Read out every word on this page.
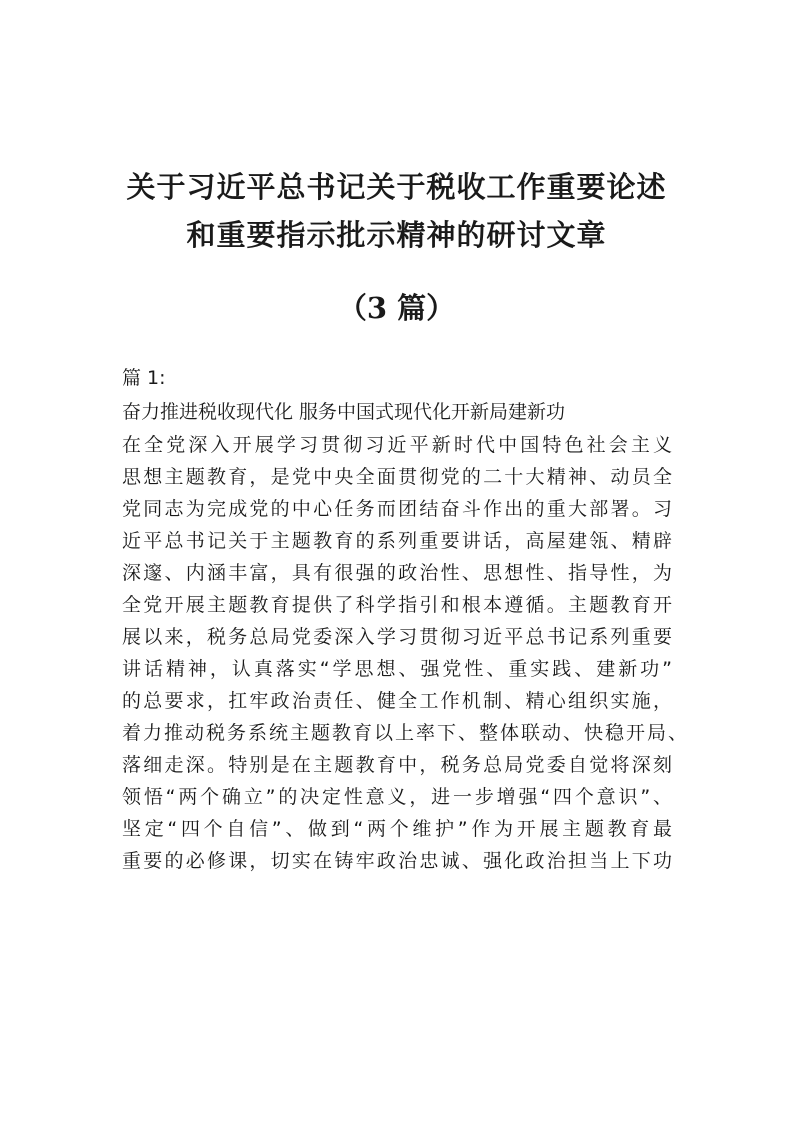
关于习近平总书记关于税收工作重要论述
和重要指示批示精神的研讨文章
（3 篇）
篇 1:
奋力推进税收现代化 服务中国式现代化开新局建新功
在全党深入开展学习贯彻习近平新时代中国特色社会主义
思想主题教育，是党中央全面贯彻党的二十大精神、动员全
党同志为完成党的中心任务而团结奋斗作出的重大部署。习
近平总书记关于主题教育的系列重要讲话，高屋建瓴、精辟
深邃、内涵丰富，具有很强的政治性、思想性、指导性，为
全党开展主题教育提供了科学指引和根本遵循。主题教育开
展以来，税务总局党委深入学习贯彻习近平总书记系列重要
讲话精神，认真落实“学思想、强党性、重实践、建新功”
的总要求，扛牢政治责任、健全工作机制、精心组织实施，
着力推动税务系统主题教育以上率下、整体联动、快稳开局、
落细走深。特别是在主题教育中，税务总局党委自觉将深刻
领悟“两个确立”的决定性意义，进一步增强“四个意识”、
坚定“四个自信”、做到“两个维护”作为开展主题教育最
重要的必修课，切实在铸牢政治忠诚、强化政治担当上下功
